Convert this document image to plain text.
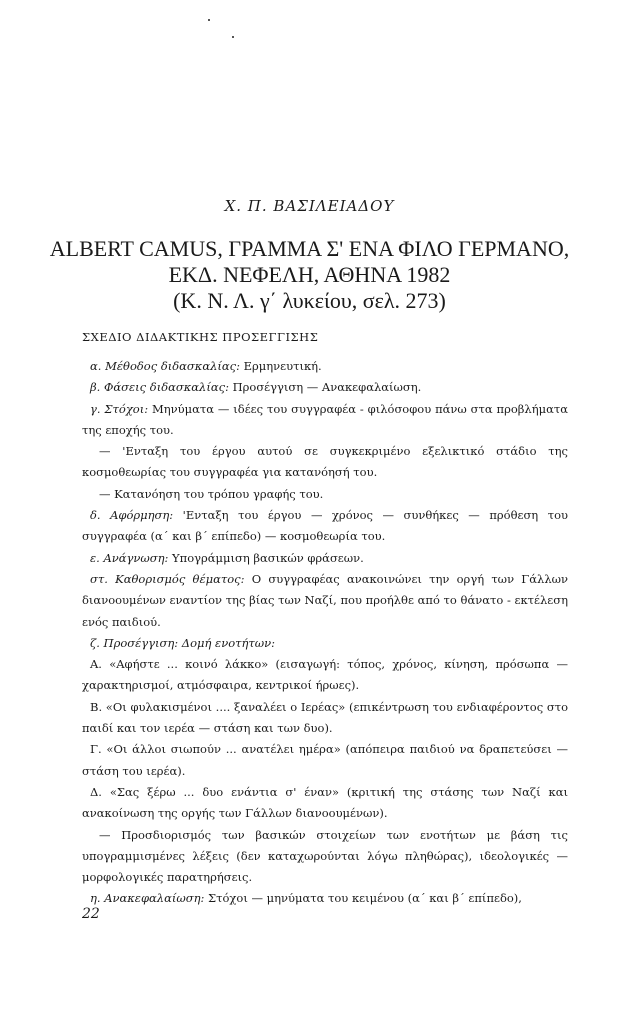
Χ. Π. ΒΑΣΙΛΕΙΑΔΟΥ
ALBERT CAMUS, ΓΡΑΜΜΑ Σ' ΕΝΑ ΦΙΛΟ ΓΕΡΜΑΝΟ,
ΕΚΔ. ΝΕΦΕΛΗ, ΑΘΗΝΑ 1982
(Κ. Ν. Λ. γ΄ λυκείου, σελ. 273)
ΣΧΕΔΙΟ ΔΙΔΑΚΤΙΚΗΣ ΠΡΟΣΕΓΓΙΣΗΣ

α. Μέθοδος διδασκαλίας: Ερμηνευτική.

β. Φάσεις διδασκαλίας: Προσέγγιση — Ανακεφαλαίωση.

γ. Στόχοι: Μηνύματα — ιδέες του συγγραφέα - φιλόσοφου πάνω στα προβλήματα της εποχής του.

— 'Ενταξη του έργου αυτού σε συγκεκριμένο εξελικτικό στάδιο της κοσμοθεωρίας του συγγραφέα για κατανόησή του.

— Κατανόηση του τρόπου γραφής του.

δ. Αφόρμηση: 'Ενταξη του έργου — χρόνος — συνθήκες — πρόθεση του συγγραφέα (α΄ και β΄ επίπεδο) — κοσμοθεωρία του.

ε. Ανάγνωση: Υπογράμμιση βασικών φράσεων.

στ. Καθορισμός θέματος: Ο συγγραφέας ανακοινώνει την οργή των Γάλλων διανοουμένων εναντίον της βίας των Ναζί, που προήλθε από το θάνατο - εκτέλεση ενός παιδιού.

ζ. Προσέγγιση: Δομή ενοτήτων:

Α. «Αφήστε ... κοινό λάκκο» (εισαγωγή: τόπος, χρόνος, κίνηση, πρόσωπα — χαρακτηρισμοί, ατμόσφαιρα, κεντρικοί ήρωες).

Β. «Οι φυλακισμένοι .... ξαναλέει ο Ιερέας» (επικέντρωση του ενδιαφέροντος στο παιδί και τον ιερέα — στάση και των δυο).

Γ. «Οι άλλοι σιωπούν ... ανατέλει ημέρα» (απόπειρα παιδιού να δραπετεύσει — στάση του ιερέα).

Δ. «Σας ξέρω ... δυο ενάντια σ' έναν» (κριτική της στάσης των Ναζί και ανακοίνωση της οργής των Γάλλων διανοουμένων).

— Προσδιορισμός των βασικών στοιχείων των ενοτήτων με βάση τις υπογραμμισμένες λέξεις (δεν καταχωρούνται λόγω πληθώρας), ιδεολογικές — μορφολογικές παρατηρήσεις.

η. Ανακεφαλαίωση: Στόχοι — μηνύματα του κειμένου (α΄ και β΄ επίπεδο),

22
